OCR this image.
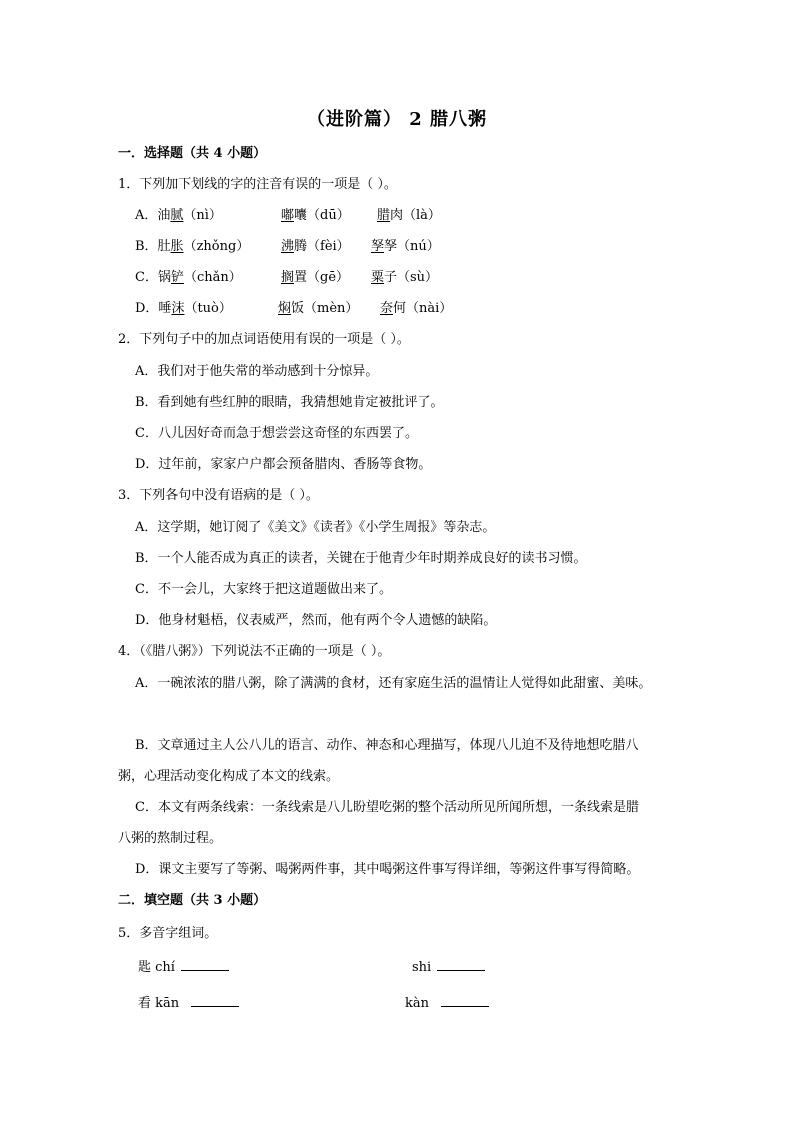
（进阶篇） 2 腊八粥
一．选择题（共 4 小题）
1．下列加下划线的字的注音有误的一项是（ ）。
A．油腻（nì）	嘟囔（dū） 腊肉（là）
B．肚胀（zhǒng） 沸腾（fèi） 孥孥（nú）
C．锅铲（chǎn）	搁置（gē） 粟子（sù）
D．唾沫（tuò）	焖饭（mèn） 奈何（nài）
2．下列句子中的加点词语使用有误的一项是（ ）。
A．我们对于他失常的举动感到十分惊异。
B．看到她有些红肿的眼睛，我猜想她肯定被批评了。
C．八儿因好奇而急于想尝尝这奇怪的东西罢了。
D．过年前，家家户户都会预备腊肉、香肠等食物。
3．下列各句中没有语病的是（ ）。
A．这学期，她订阅了《美文》《读者》《小学生周报》等杂志。
B．一个人能否成为真正的读者，关键在于他青少年时期养成良好的读书习惯。
C．不一会儿，大家终于把这道题做出来了。
D．他身材魁梧，仪表威严，然而，他有两个令人遗憾的缺陷。
4．（《腊八粥》）下列说法不正确的一项是（ ）。
A．一碗浓浓的腊八粥，除了满满的食材，还有家庭生活的温情让人觉得如此甜蜜、美味。
B．文章通过主人公八儿的语言、动作、神态和心理描写，体现八儿迫不及待地想吃腊八
粥，心理活动变化构成了本文的线索。
C．本文有两条线索：一条线索是八儿盼望吃粥的整个活动所见所闻所想，一条线索是腊
八粥的熬制过程。
D．课文主要写了等粥、喝粥两件事，其中喝粥这件事写得详细，等粥这件事写得简略。
二．填空题（共 3 小题）
5．多音字组词。
匙 chí	shi
看 kān	kàn
